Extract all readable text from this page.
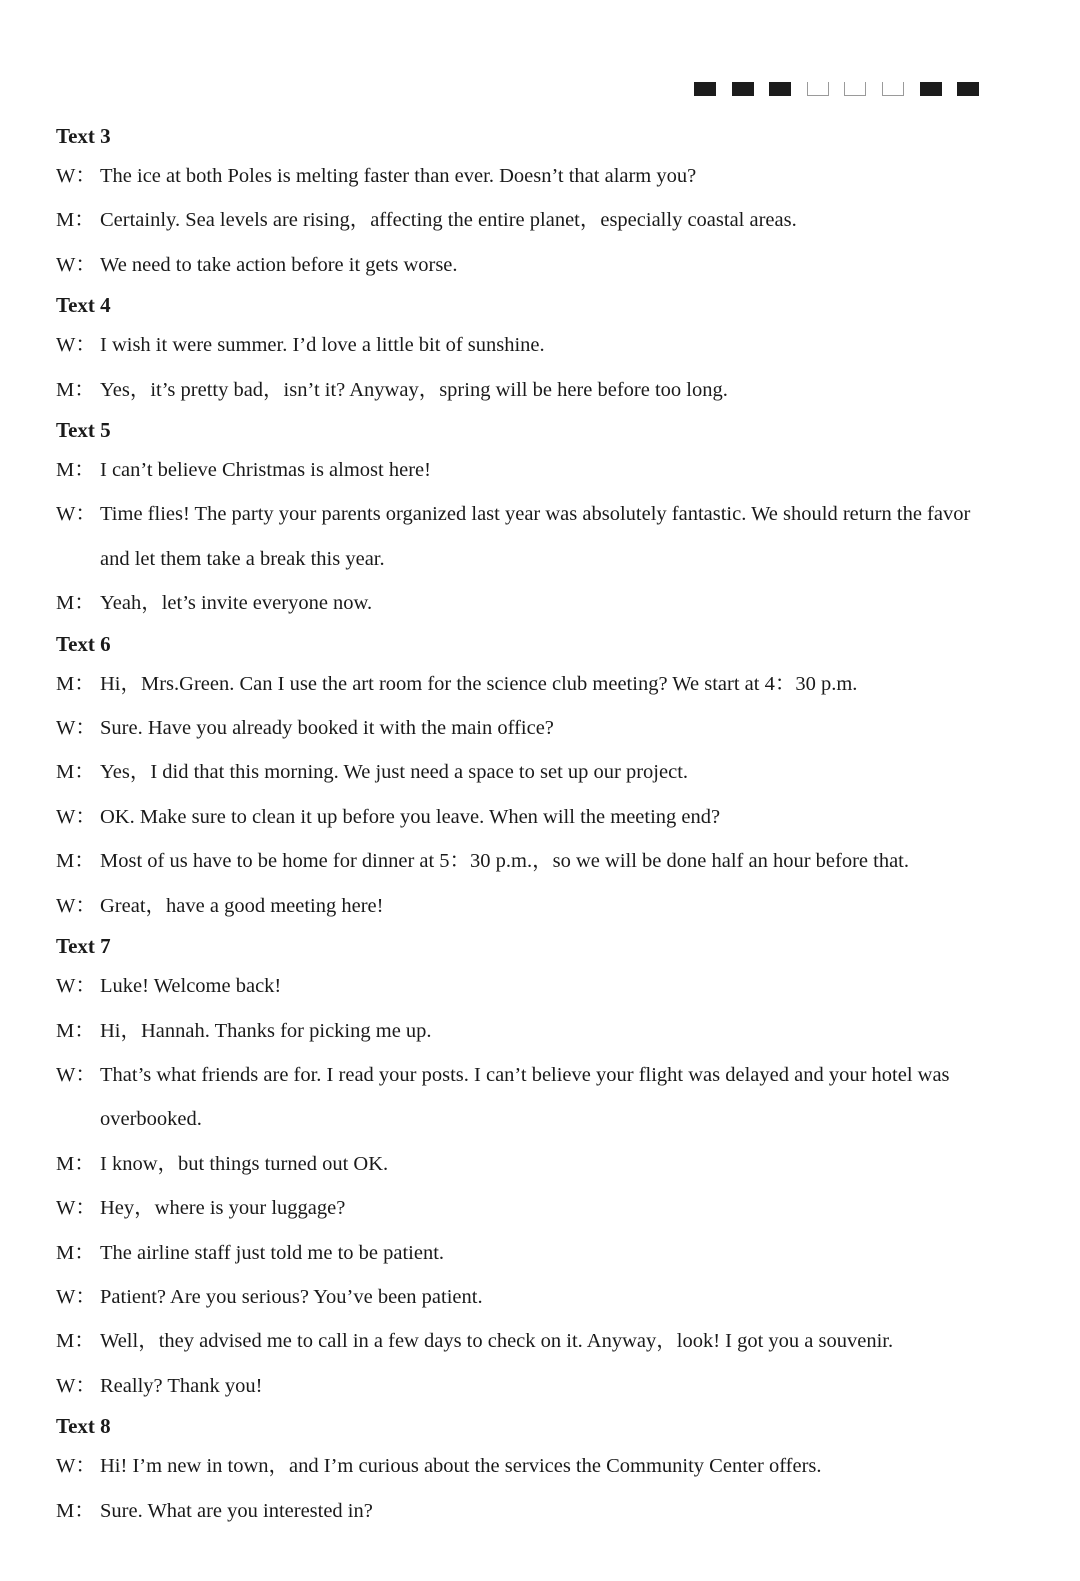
Text 3
W： The ice at both Poles is melting faster than ever. Doesn’t that alarm you?
M： Certainly. Sea levels are rising，affecting the entire planet，especially coastal areas.
W： We need to take action before it gets worse.
Text 4
W： I wish it were summer. I’d love a little bit of sunshine.
M： Yes，it’s pretty bad，isn’t it? Anyway，spring will be here before too long.
Text 5
M： I can’t believe Christmas is almost here!
W： Time flies! The party your parents organized last year was absolutely fantastic. We should return the favor and let them take a break this year.
M： Yeah，let’s invite everyone now.
Text 6
M： Hi，Mrs.Green. Can I use the art room for the science club meeting? We start at 4：30 p.m.
W： Sure. Have you already booked it with the main office?
M： Yes，I did that this morning. We just need a space to set up our project.
W： OK. Make sure to clean it up before you leave. When will the meeting end?
M： Most of us have to be home for dinner at 5：30 p.m.，so we will be done half an hour before that.
W： Great，have a good meeting here!
Text 7
W： Luke! Welcome back!
M： Hi，Hannah. Thanks for picking me up.
W： That’s what friends are for. I read your posts. I can’t believe your flight was delayed and your hotel was overbooked.
M： I know，but things turned out OK.
W： Hey，where is your luggage?
M： The airline staff just told me to be patient.
W： Patient? Are you serious? You’ve been patient.
M： Well，they advised me to call in a few days to check on it. Anyway，look! I got you a souvenir.
W： Really? Thank you!
Text 8
W： Hi! I’m new in town，and I’m curious about the services the Community Center offers.
M： Sure. What are you interested in?
